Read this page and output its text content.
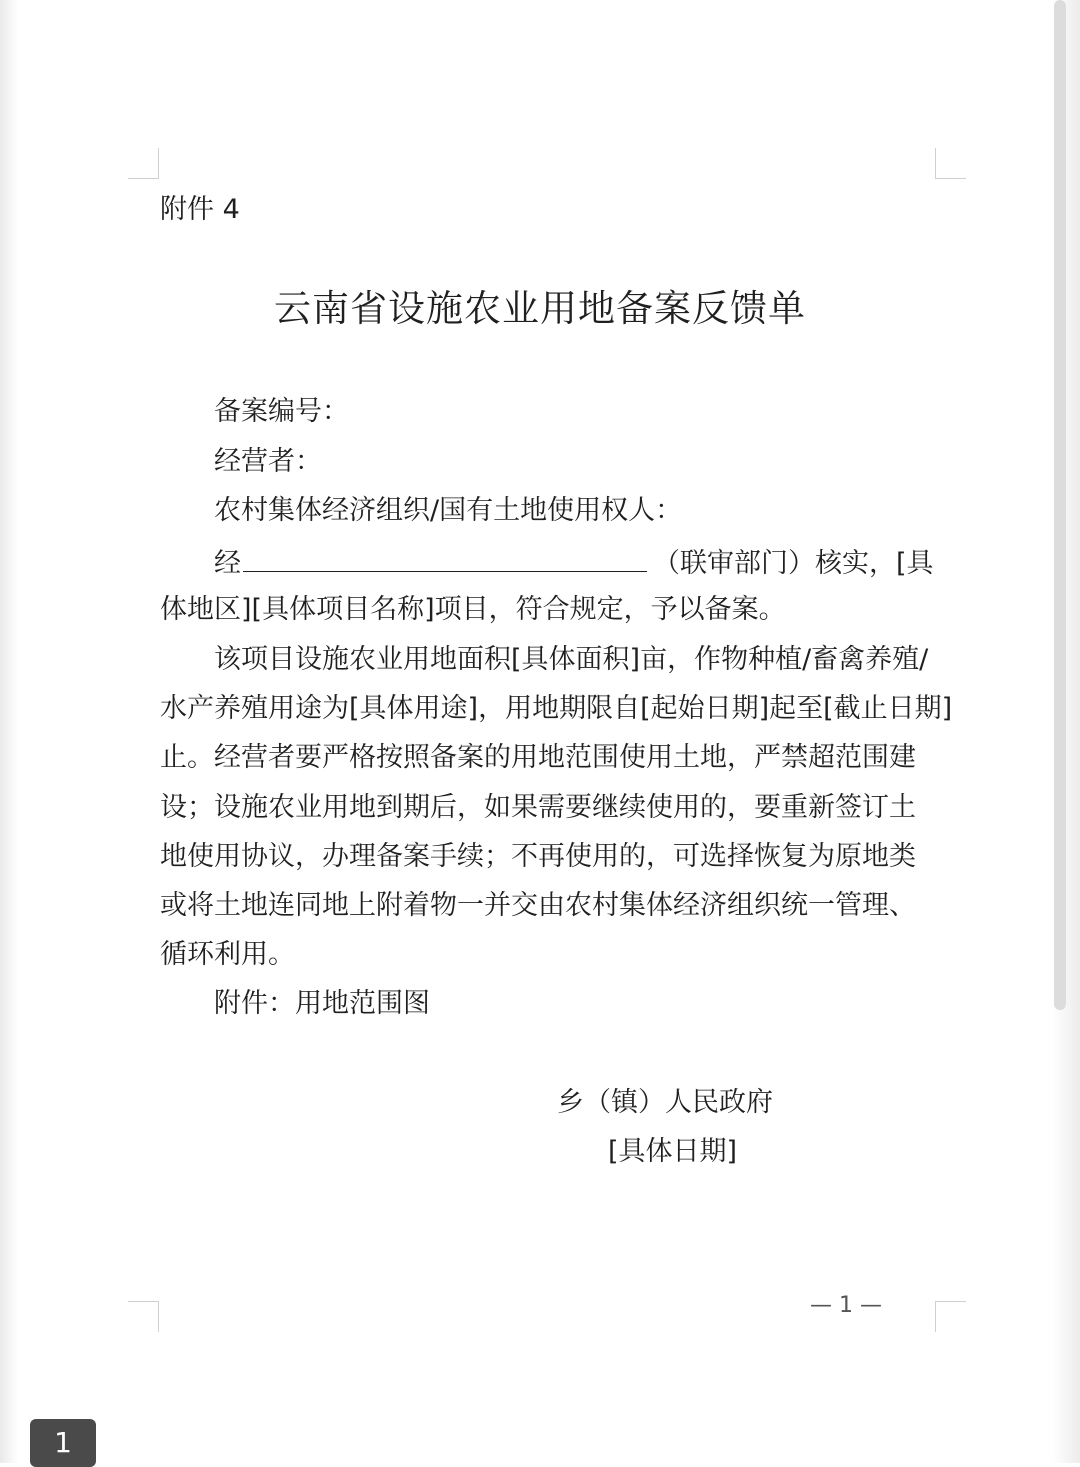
附件 4
云南省设施农业用地备案反馈单
备案编号：
经营者：
农村集体经济组织/国有土地使用权人：
经	（联审部门）核实，[具
体地区][具体项目名称]项目，符合规定，予以备案。
该项目设施农业用地面积[具体面积]亩，作物种植/畜禽养殖/
水产养殖用途为[具体用途]，用地期限自[起始日期]起至[截止日期]
止。经营者要严格按照备案的用地范围使用土地，严禁超范围建
设；设施农业用地到期后，如果需要继续使用的，要重新签订土
地使用协议，办理备案手续；不再使用的，可选择恢复为原地类
或将土地连同地上附着物一并交由农村集体经济组织统一管理、
循环利用。
附件：用地范围图
乡（镇）人民政府
[具体日期]
— 1 —
1
